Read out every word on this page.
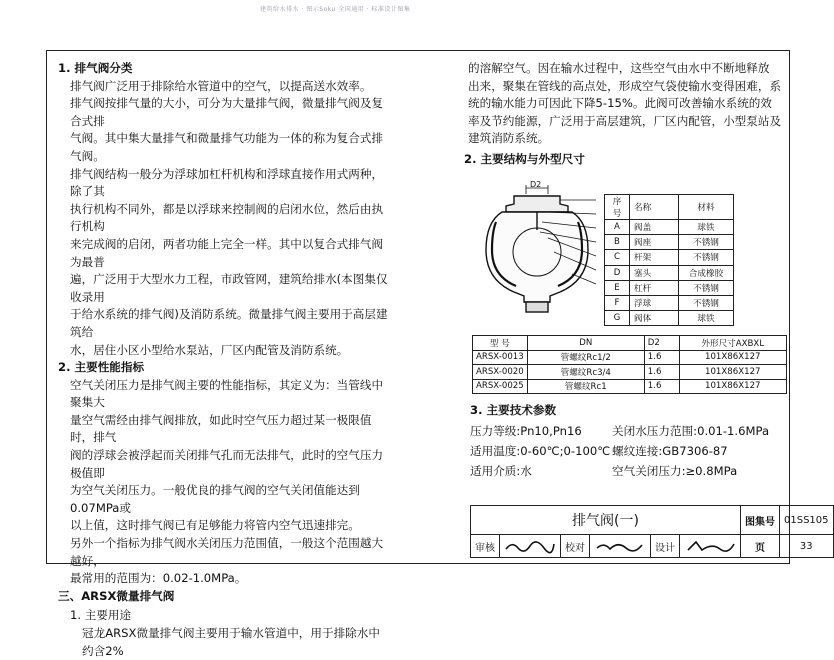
建筑给水排水 · 图示Soku 全国通用 · 标准设计图集

1. 排气阀分类

排气阀广泛用于排除给水管道中的空气，以提高送水效率。

排气阀按排气量的大小，可分为大量排气阀，微量排气阀及复合式排

气阀。其中集大量排气和微量排气功能为一体的称为复合式排气阀。

排气阀结构一般分为浮球加杠杆机构和浮球直接作用式两种，除了其

执行机构不同外，都是以浮球来控制阀的启闭水位，然后由执行机构

来完成阀的启闭，两者功能上完全一样。其中以复合式排气阀为最普

遍，广泛用于大型水力工程，市政管网，建筑给排水(本图集仅收录用

于给水系统的排气阀)及消防系统。微量排气阀主要用于高层建筑给

水，居住小区小型给水泵站，厂区内配管及消防系统。

2. 主要性能指标

空气关闭压力是排气阀主要的性能指标，其定义为：当管线中聚集大

量空气需经由排气阀排放，如此时空气压力超过某一极限值时，排气

阀的浮球会被浮起而关闭排气孔而无法排气，此时的空气压力极值即

为空气关闭压力。一般优良的排气阀的空气关闭值能达到0.07MPa或

以上值，这时排气阀已有足够能力将管内空气迅速排完。

另外一个指标为排气阀水关闭压力范围值，一般这个范围越大越好，

最常用的范围为：0.02-1.0MPa。

三、ARSX微量排气阀

1. 主要用途

冠龙ARSX微量排气阀主要用于输水管道中，用于排除水中约含2%

的溶解空气。因在输水过程中，这些空气由水中不断地释放

出来，聚集在管线的高点处，形成空气袋使输水变得困难，系

统的输水能力可因此下降5-15%。此阀可改善输水系统的效

率及节约能源，广泛用于高层建筑，厂区内配管，小型泵站及

建筑消防系统。

2. 主要结构与外型尺寸

D2
序号	名称	材料
A	阀盖	球铁
B	阀座	不锈钢
C	杆架	不锈钢
D	塞头	合成橡胶
E	杠杆	不锈钢
F	浮球	不锈钢
G	阀体	球铁
型 号	DN	D2	外形尺寸AXBXL
ARSX-0013	管螺纹Rc1/2	1.6	101X86X127
ARSX-0020	管螺纹Rc3/4	1.6	101X86X127
ARSX-0025	管螺纹Rc1	1.6	101X86X127
3. 主要技术参数
压力等级:Pn10,Pn16	关闭水压力范围:0.01-1.6MPa
适用温度:0-60℃;0-100℃ 螺纹连接:GB7306-87
适用介质:水	空气关闭压力:≥0.8MPa
排气阀(一)						图集号	01SS105
审核		校对		设计		页	33
